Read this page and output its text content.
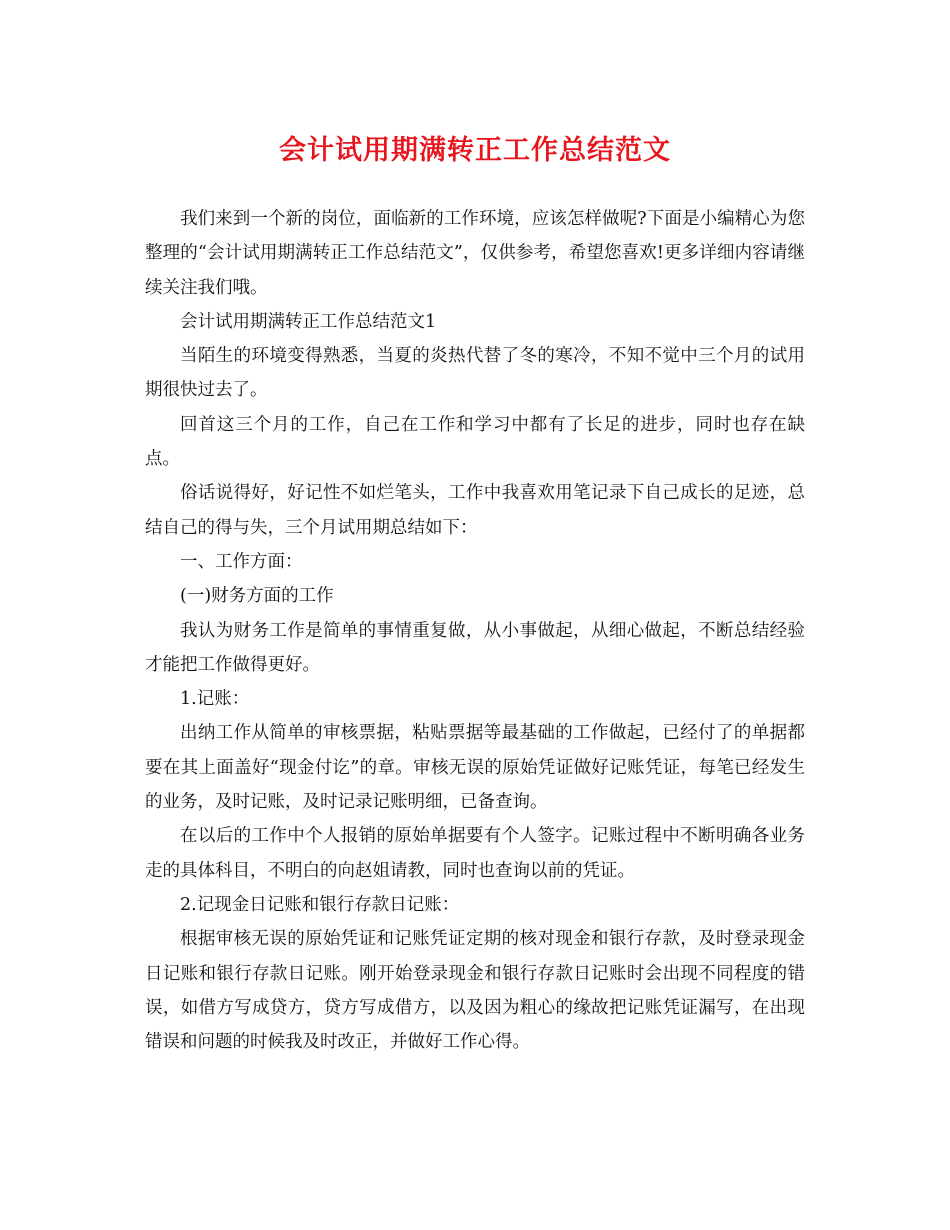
会计试用期满转正工作总结范文

我们来到一个新的岗位，面临新的工作环境，应该怎样做呢?下面是小编精心为您整理的“会计试用期满转正工作总结范文”，仅供参考，希望您喜欢!更多详细内容请继续关注我们哦。

会计试用期满转正工作总结范文1

当陌生的环境变得熟悉，当夏的炎热代替了冬的寒冷，不知不觉中三个月的试用期很快过去了。

回首这三个月的工作，自己在工作和学习中都有了长足的进步，同时也存在缺点。

俗话说得好，好记性不如烂笔头，工作中我喜欢用笔记录下自己成长的足迹，总结自己的得与失，三个月试用期总结如下：

一、工作方面：

(一)财务方面的工作

我认为财务工作是简单的事情重复做，从小事做起，从细心做起，不断总结经验才能把工作做得更好。

1.记账：

出纳工作从简单的审核票据，粘贴票据等最基础的工作做起，已经付了的单据都要在其上面盖好“现金付讫”的章。审核无误的原始凭证做好记账凭证，每笔已经发生的业务，及时记账，及时记录记账明细，已备查询。

在以后的工作中个人报销的原始单据要有个人签字。记账过程中不断明确各业务走的具体科目，不明白的向赵姐请教，同时也查询以前的凭证。

2.记现金日记账和银行存款日记账：

根据审核无误的原始凭证和记账凭证定期的核对现金和银行存款，及时登录现金日记账和银行存款日记账。刚开始登录现金和银行存款日记账时会出现不同程度的错误，如借方写成贷方，贷方写成借方，以及因为粗心的缘故把记账凭证漏写，在出现错误和问题的时候我及时改正，并做好工作心得。
